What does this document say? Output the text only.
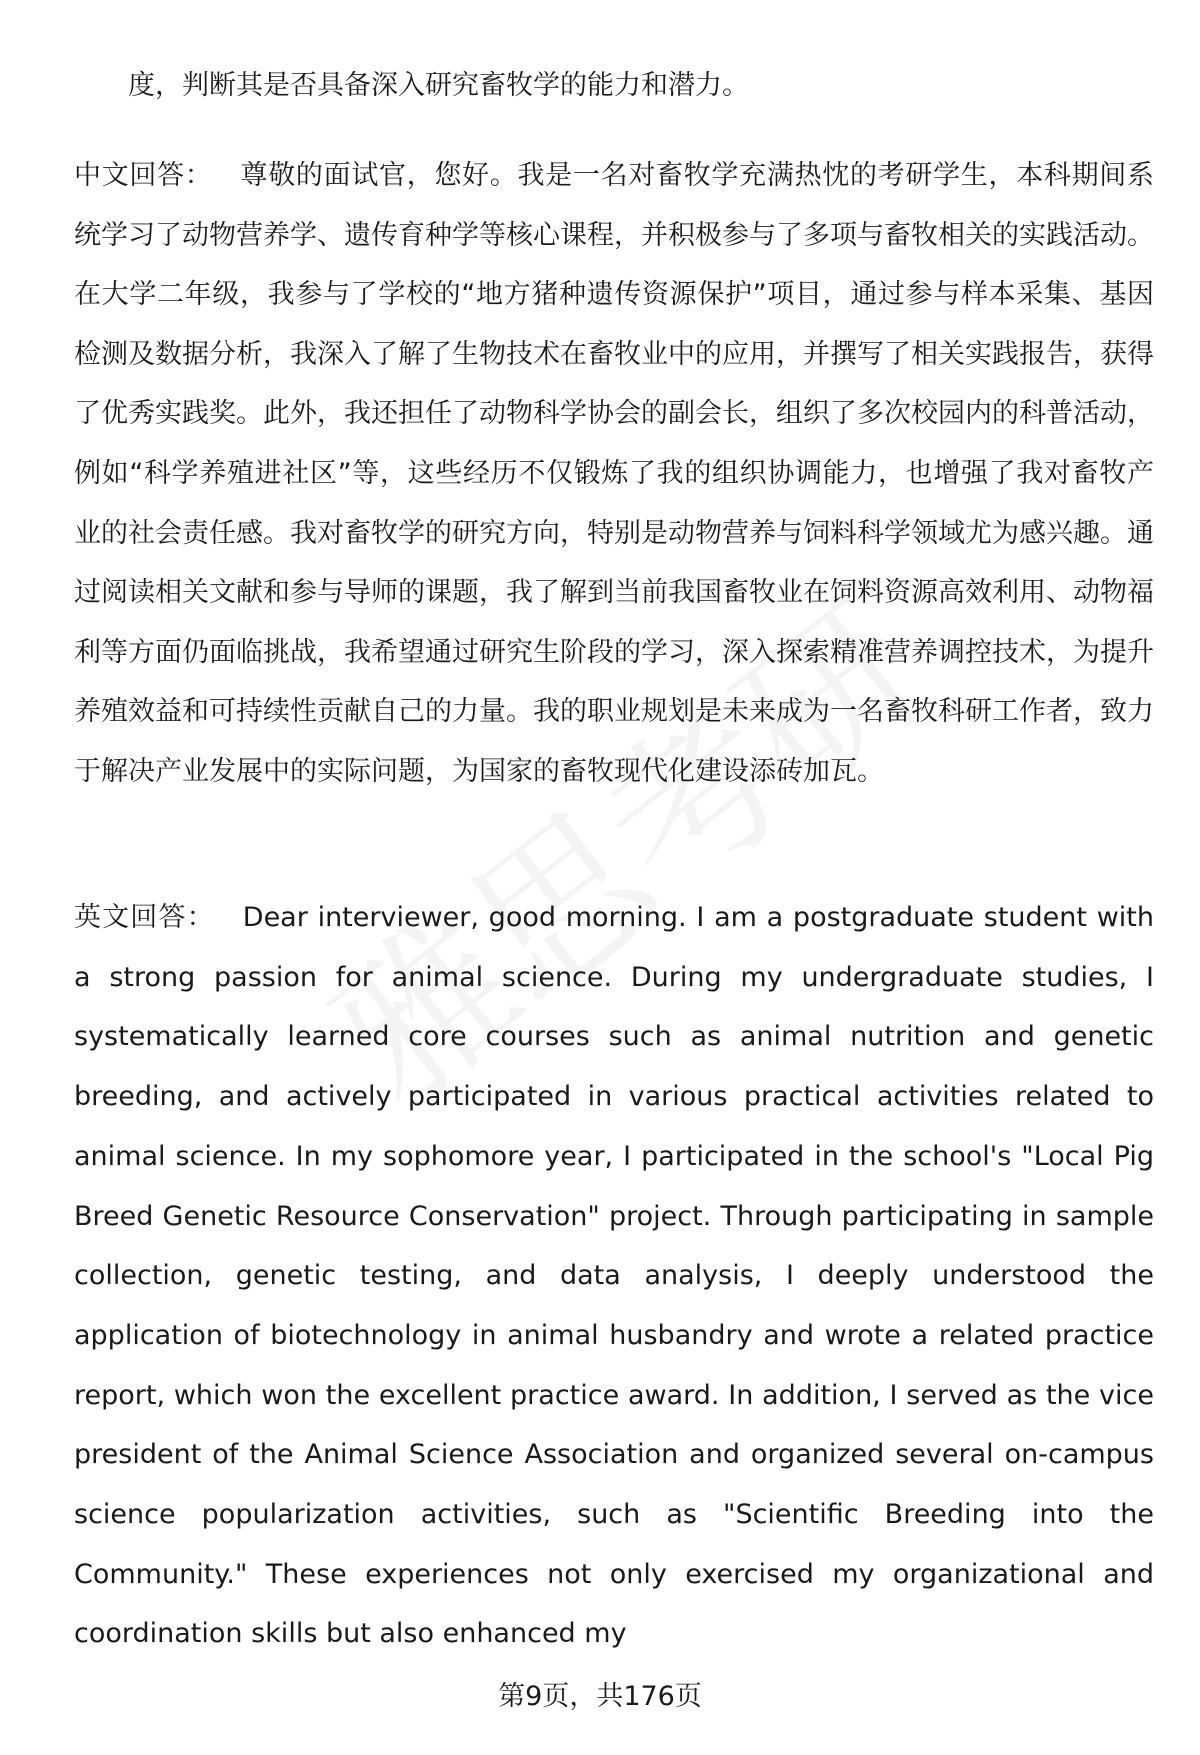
度，判断其是否具备深入研究畜牧学的能力和潜力。

中文回答： 尊敬的面试官，您好。我是一名对畜牧学充满热忱的考研学生，本科期间系统学习了动物营养学、遗传育种学等核心课程，并积极参与了多项与畜牧相关的实践活动。在大学二年级，我参与了学校的“地方猪种遗传资源保护”项目，通过参与样本采集、基因检测及数据分析，我深入了解了生物技术在畜牧业中的应用，并撰写了相关实践报告，获得了优秀实践奖。此外，我还担任了动物科学协会的副会长，组织了多次校园内的科普活动，例如“科学养殖进社区”等，这些经历不仅锻炼了我的组织协调能力，也增强了我对畜牧产业的社会责任感。我对畜牧学的研究方向，特别是动物营养与饲料科学领域尤为感兴趣。通过阅读相关文献和参与导师的课题，我了解到当前我国畜牧业在饲料资源高效利用、动物福利等方面仍面临挑战，我希望通过研究生阶段的学习，深入探索精准营养调控技术，为提升养殖效益和可持续性贡献自己的力量。我的职业规划是未来成为一名畜牧科研工作者，致力于解决产业发展中的实际问题，为国家的畜牧现代化建设添砖加瓦。

英文回答： Dear interviewer, good morning. I am a postgraduate student with a strong passion for animal science. During my undergraduate studies, I systematically learned core courses such as animal nutrition and genetic breeding, and actively participated in various practical activities related to animal science. In my sophomore year, I participated in the school's "Local Pig Breed Genetic Resource Conservation" project. Through participating in sample collection, genetic testing, and data analysis, I deeply understood the application of biotechnology in animal husbandry and wrote a related practice report, which won the excellent practice award. In addition, I served as the vice president of the Animal Science Association and organized several on-campus science popularization activities, such as "Scientific Breeding into the Community." These experiences not only exercised my organizational and coordination skills but also enhanced my

第9页，共176页
